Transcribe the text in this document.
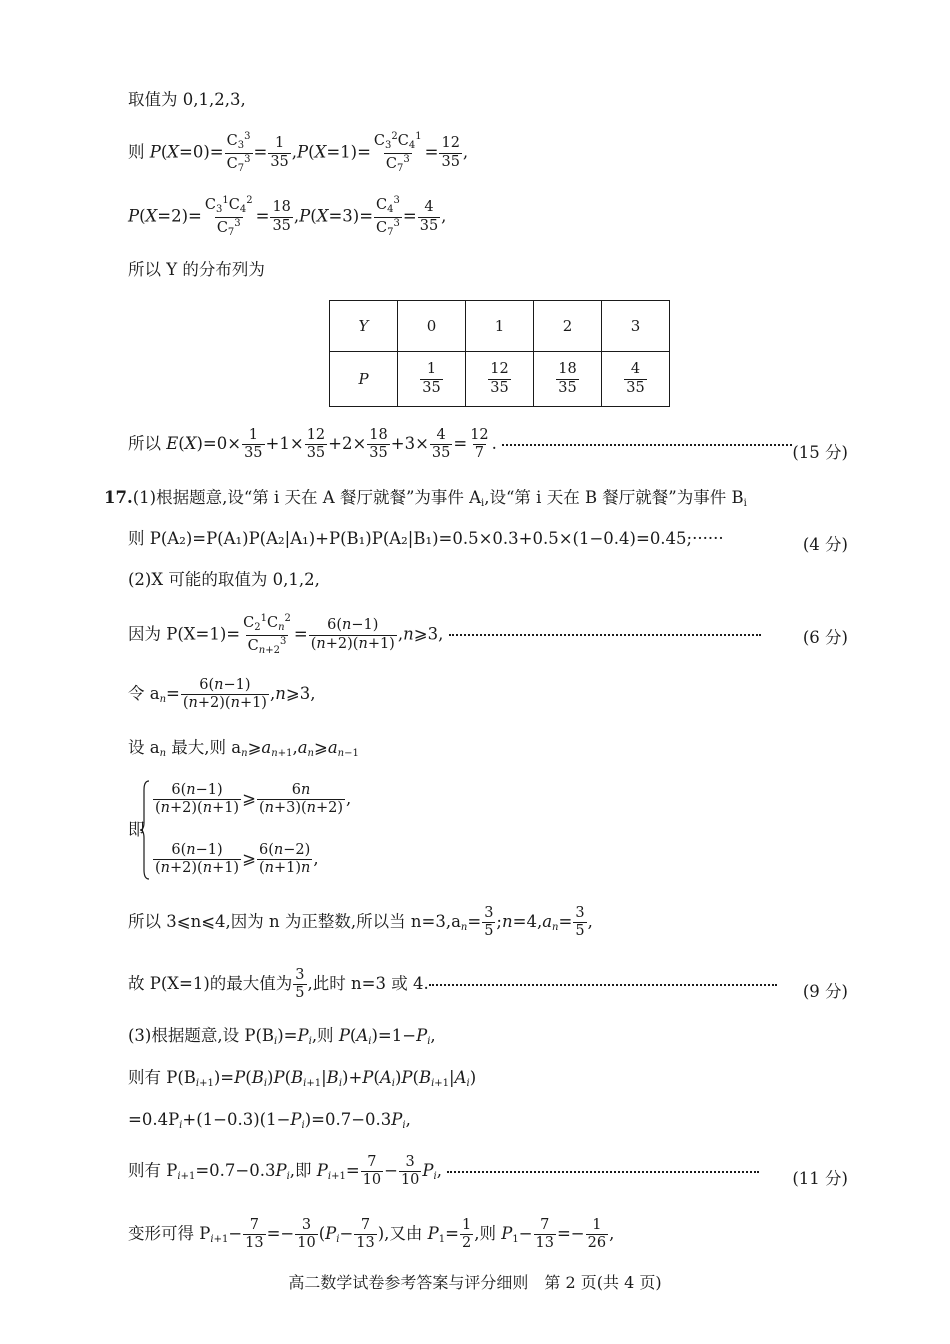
取值为 0,1,2,3,
则 $P(X=0)= \frac{C_3^3}{C_7^3} = \frac{1}{35} ,P(X=1)= \frac{C_3^2C_4^1}{C_7^3} = \frac{12}{35}$ ,
$P(X=2)= \frac{C_3^1C_4^2}{C_7^3} = \frac{18}{35} ,P(X=3)= \frac{C_4^3}{C_7^3} = \frac{4}{35}$ ,
所以 Y 的分布列为
Y	0	1	2	3
P	$\frac{1}{35}$	$\frac{12}{35}$	$\frac{18}{35}$	$\frac{4}{35}$
所以 $E(X)=0\times \frac{1}{35} +1\times \frac{12}{35} +2\times \frac{18}{35} +3\times \frac{4}{35} = \frac{12}{7}$ .	(15 分)
17.(1)根据题意,设“第 i 天在 A 餐厅就餐”为事件 $A_i$,设“第 i 天在 B 餐厅就餐”为事件 $B_i$
则 P(A₂)=P(A₁)P(A₂|A₁)+P(B₁)P(A₂|B₁)=0.5×0.3+0.5×(1−0.4)=0.45;······	(4 分)
(2)X 可能的取值为 0,1,2,
因为 $P(X=1)= \frac{C_2^1C_n^2}{C_{n+2}^3} = \frac{6(n-1)}{(n+2)(n+1)}$ ,n⩾3,	(6 分)
令 $a_n= \frac{6(n-1)}{(n+2)(n+1)}$ ,n⩾3,
设 $a_n$ 最大,则 $a_n⩾a_{n+1},a_n⩾a_{n-1}$
即
$\frac{6(n-1)}{(n+2)(n+1)}$ ⩾ $\frac{6n}{(n+3)(n+2)}$ ,
$\frac{6(n-1)}{(n+2)(n+1)}$ ⩾ $\frac{6(n-2)}{(n+1)n}$ ,
所以 3⩽n⩽4,因为 n 为正整数,所以当 $n=3,a_n= \frac{3}{5}$ $;n=4,a_n= \frac{3}{5}$ ,
故 P(X=1)的最大值为 $\frac{3}{5}$ ,此时 n=3 或 4.	(9 分)
(3)根据题意,设 $P(B_i)=P_i$,则 $P(A_i)=1-P_i$,
则有 $P(B_{i+1})=P(B_i)P(B_{i+1}|B_i)+P(A_i)P(B_{i+1}|A_i)$
$=0.4P_i+(1-0.3)(1-P_i)=0.7-0.3P_i$,
则有 $P_{i+1}=0.7-0.3P_i$,即 $P_{i+1}= \frac{7}{10} - \frac{3}{10} P_i$,	(11 分)
变形可得 $P_{i+1}- \frac{7}{13} =- \frac{3}{10} (P_i- \frac{7}{13}$ ),又由 $P_1= \frac{1}{2}$ ,则 $P_1- \frac{7}{13} =- \frac{1}{26}$ ,
高二数学试卷参考答案与评分细则　第 2 页(共 4 页)
